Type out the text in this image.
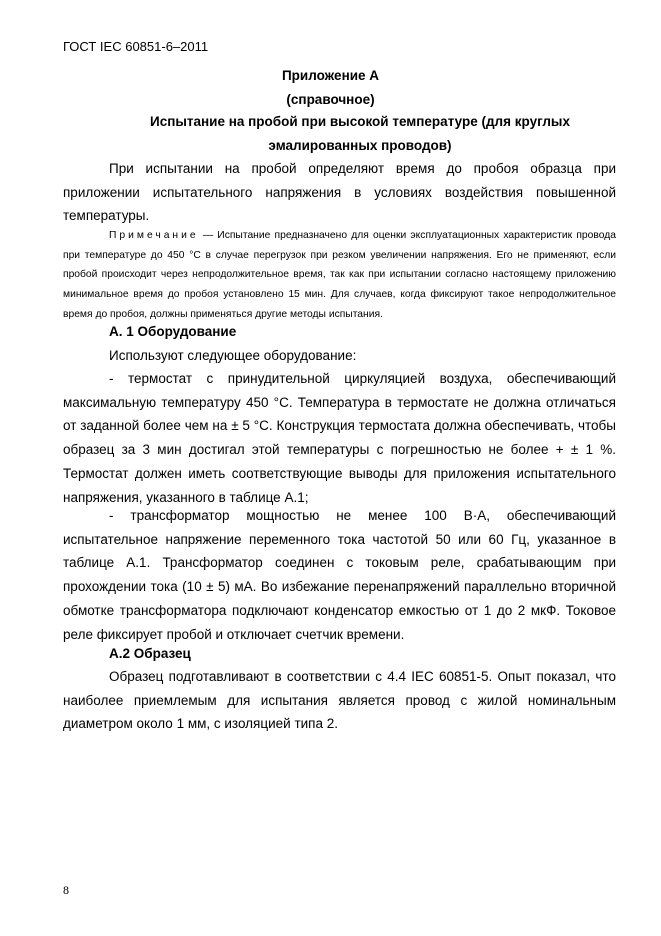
ГОСТ IEC 60851-6–2011
Приложение А
(справочное)
Испытание на пробой при высокой температуре (для круглых эмалированных проводов)
При испытании на пробой определяют время до пробоя образца при приложении испытательного напряжения в условиях воздействия повышенной температуры.
Примечание — Испытание предназначено для оценки эксплуатационных характеристик провода при температуре до 450 °С в случае перегрузок при резком увеличении напряжения. Его не применяют, если пробой происходит через непродолжительное время, так как при испытании согласно настоящему приложению минимальное время до пробоя установлено 15 мин. Для случаев, когда фиксируют такое непродолжительное время до пробоя, должны применяться другие методы испытания.
А. 1 Оборудование
Используют следующее оборудование:
- термостат с принудительной циркуляцией воздуха, обеспечивающий максимальную температуру 450 °С. Температура в термостате не должна отличаться от заданной более чем на ± 5 °С. Конструкция термостата должна обеспечивать, чтобы образец за 3 мин достигал этой температуры с погрешностью не более + ± 1 %. Термостат должен иметь соответствующие выводы для приложения испытательного напряжения, указанного в таблице А.1;
- трансформатор мощностью не менее 100 В·А, обеспечивающий испытательное напряжение переменного тока частотой 50 или 60 Гц, указанное в таблице А.1. Трансформатор соединен с токовым реле, срабатывающим при прохождении тока (10 ± 5) мА. Во избежание перенапряжений параллельно вторичной обмотке трансформатора подключают конденсатор емкостью от 1 до 2 мкФ. Токовое реле фиксирует пробой и отключает счетчик времени.
А.2 Образец
Образец подготавливают в соответствии с 4.4 IEC 60851-5. Опыт показал, что наиболее приемлемым для испытания является провод с жилой номинальным диаметром около 1 мм, с изоляцией типа 2.
8
